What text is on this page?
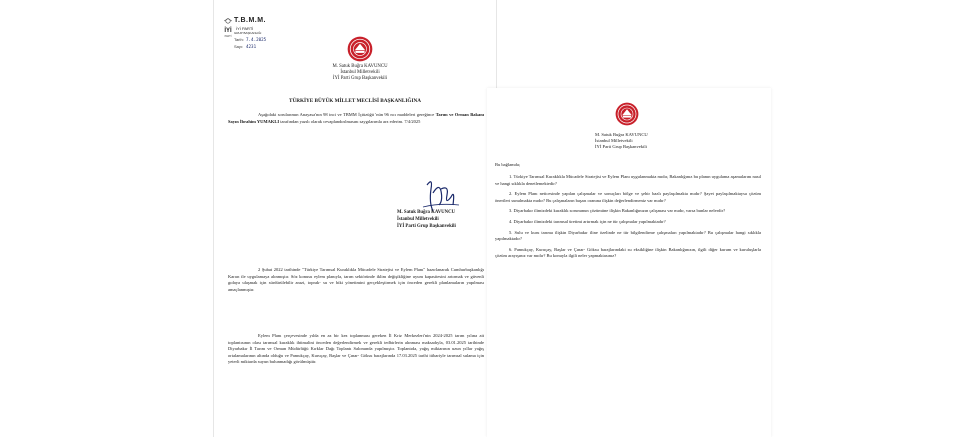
İYİ
PARTİ
T.B.M.M.
İYİ PARTİ
GRUP BAŞKANLIĞI
Tarih: 7.4.2025
Sayı: 4231
M. Satuk Buğra KAVUNCU
İstanbul Milletvekili
İYİ Parti Grup Başkanvekili
TÜRKİYE BÜYÜK MİLLET MECLİSİ BAŞKANLIĞINA
Aşağıdaki sorularımın Anayasa'nın 98 inci ve TBMM İçtüzüğü 'nün 96 ncı maddeleri gereğince Tarım ve Orman Bakanı Sayın İbrahim YUMAKLI tarafından yazılı olarak cevaplandırılmasını saygılarımla arz ederim. 7/4/2025
M. Satuk Buğra KAVUNCU
İstanbul Milletvekili
İYİ Parti Grup Başkanvekili
2 Şubat 2022 tarihinde "Türkiye Tarımsal Kuraklıkla Mücadele Stratejisi ve Eylem Planı" hazırlanarak Cumhurbaşkanlığı Kararı ile uygulamaya alınmıştır. Söz konusu eylem planıyla, tarım sektöründe iklim değişikliğine uyum kapasitesini artırmak ve güvenli gıdaya ulaşmak için sürdürülebilir arazi, toprak- su ve biki yönetimini gerçekleştirmek için önceden gerekli planlamaların yapılması amaçlanmıştır.
Eylem Planı çerçevesinde yılda en az bir kez toplanması gereken İl Kriz Merkezleri'nin 2024-2025 tarım yılına ait toplantısının olası tarımsal kuraklık ihtimalini önceden değerlendirmek ve gerekli tedbirlerin alınması maksadıyla, 03.01.2025 tarihinde Diyarbakır İl Tarım ve Orman Müdürlüğü Kırklar Dağı Toplantı Salonunda yapılmıştır. Toplantıda, yağış miktarının uzun yıllar yağış ortalamalarının altında olduğu ve Pamukçay, Kuruçay, Başlar ve Çınar- Göksu barajlarında 17.03.2025 tarihi itibariyle tarımsal sulama için yeterli miktarda suyun bulunmadığı görülmüştür.
M. Satuk Buğra KAVUNCU
İstanbul Milletvekili
İYİ Parti Grup Başkanvekili
Bu bağlamda;
1. Türkiye Tarımsal Kuraklıkla Mücadele Stratejisi ve Eylem Planı uygulanmakta mıdır, Bakanlığınız bu planın uygulama aşamalarını nasıl ve hangi sıklıkla denetlemektedir?
2. Eylem Planı neticesinde yapılan çalışmalar ve sonuçları bölge ve şehir bazlı paylaşılmakta mıdır? Şayet paylaşılmaktaysa çözüm önerileri sunulmakta mıdır? Bu çalışmaların başarı oranına ilişkin değerlendirmeniz var mıdır?
3. Diyarbakır ilimizdeki kuraklık sorununun çözümüne ilişkin Bakanlığınızın çalışması var mıdır, varsa bunlar nelerdir?
4. Diyarbakır ilimizdeki tarımsal üretimi artırmak için ne tür çalışmalar yapılmaktadır?
5. Sulu ve kuru tarıma ilişkin Diyarbakır iline özelinde ne tür bilgilendirme çalışmaları yapılmaktadır? Bu çalışmalar hangi sıklıkla yapılmaktadır?
6. Pamukçay, Kuruçay, Başlar ve Çınar- Göksu barajlarındaki su eksikliğine ilişkin Bakanlığınızın, ilgili diğer kurum ve kuruluşlarla çözüm arayışınız var mıdır? Bu konuyla ilgili neler yapmaktasınız?
